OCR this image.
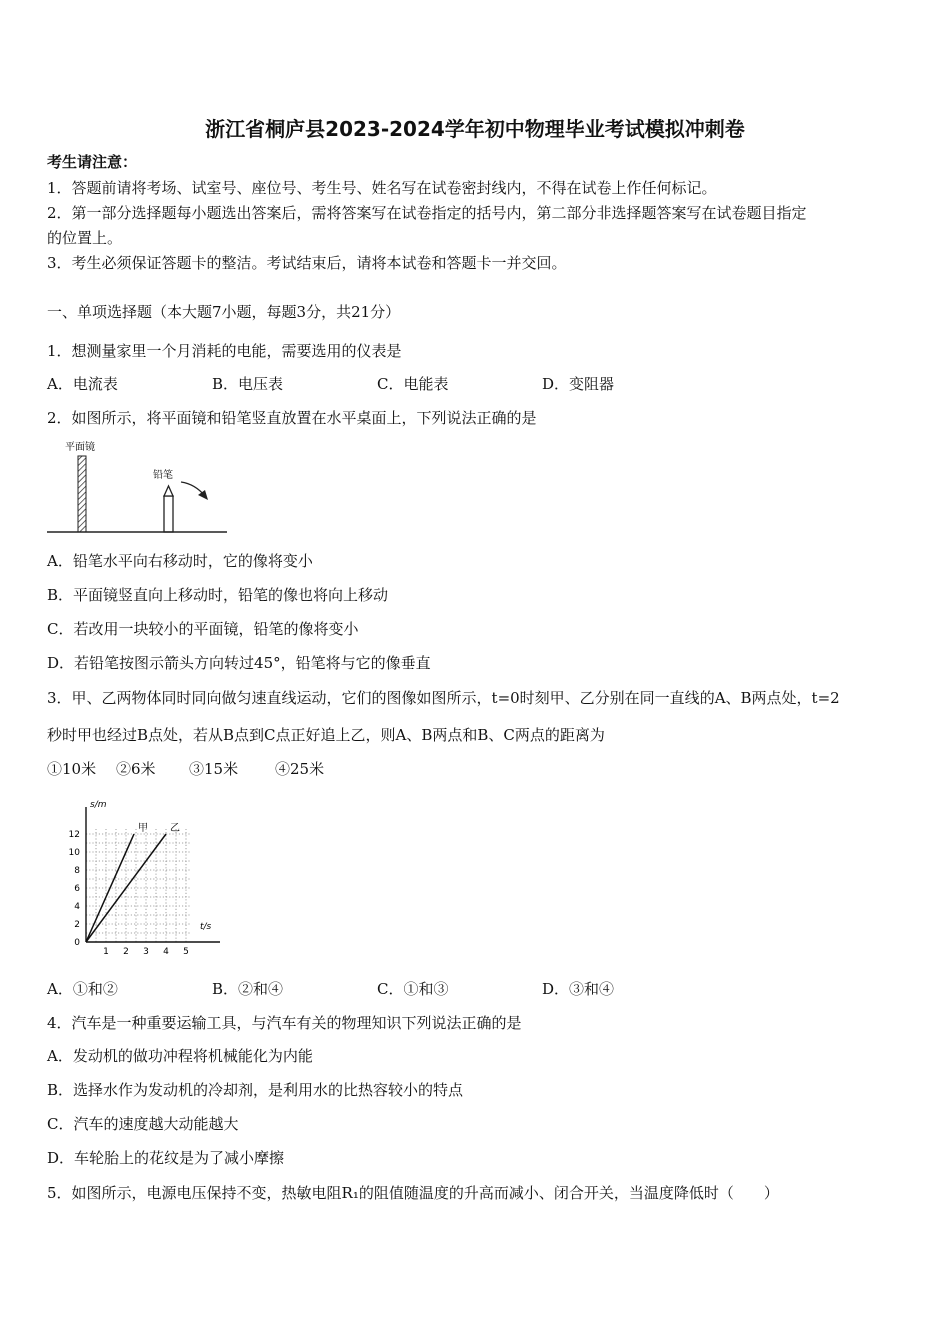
浙江省桐庐县2023-2024学年初中物理毕业考试模拟冲刺卷
考生请注意：
1．答题前请将考场、试室号、座位号、考生号、姓名写在试卷密封线内，不得在试卷上作任何标记。
2．第一部分选择题每小题选出答案后，需将答案写在试卷指定的括号内，第二部分非选择题答案写在试卷题目指定
的位置上。
3．考生必须保证答题卡的整洁。考试结束后，请将本试卷和答题卡一并交回。
一、单项选择题（本大题7小题，每题3分，共21分）
1．想测量家里一个月消耗的电能，需要选用的仪表是
A．电流表	B．电压表	C．电能表	D．变阻器
2．如图所示，将平面镜和铅笔竖直放置在水平桌面上，下列说法正确的是
平面镜
铅笔
A．铅笔水平向右移动时，它的像将变小
B．平面镜竖直向上移动时，铅笔的像也将向上移动
C．若改用一块较小的平面镜，铅笔的像将变小
D．若铅笔按图示箭头方向转过45°，铅笔将与它的像垂直
3．甲、乙两物体同时同向做匀速直线运动，它们的图像如图所示，t=0时刻甲、乙分别在同一直线的A、B两点处，t=2
秒时甲也经过B点处，若从B点到C点正好追上乙，则A、B两点和B、C两点的距离为
①10米 ②6米 ③15米 ④25米
s/m
t/s
0
2
4
6
8
10
12
1 2 3 4 5
甲 乙
A．①和②	B．②和④	C．①和③	D．③和④
4．汽车是一种重要运输工具，与汽车有关的物理知识下列说法正确的是
A．发动机的做功冲程将机械能化为内能
B．选择水作为发动机的冷却剂，是利用水的比热容较小的特点
C．汽车的速度越大动能越大
D．车轮胎上的花纹是为了减小摩擦
5．如图所示，电源电压保持不变，热敏电阻R₁的阻值随温度的升高而减小、闭合开关，当温度降低时（　　）
